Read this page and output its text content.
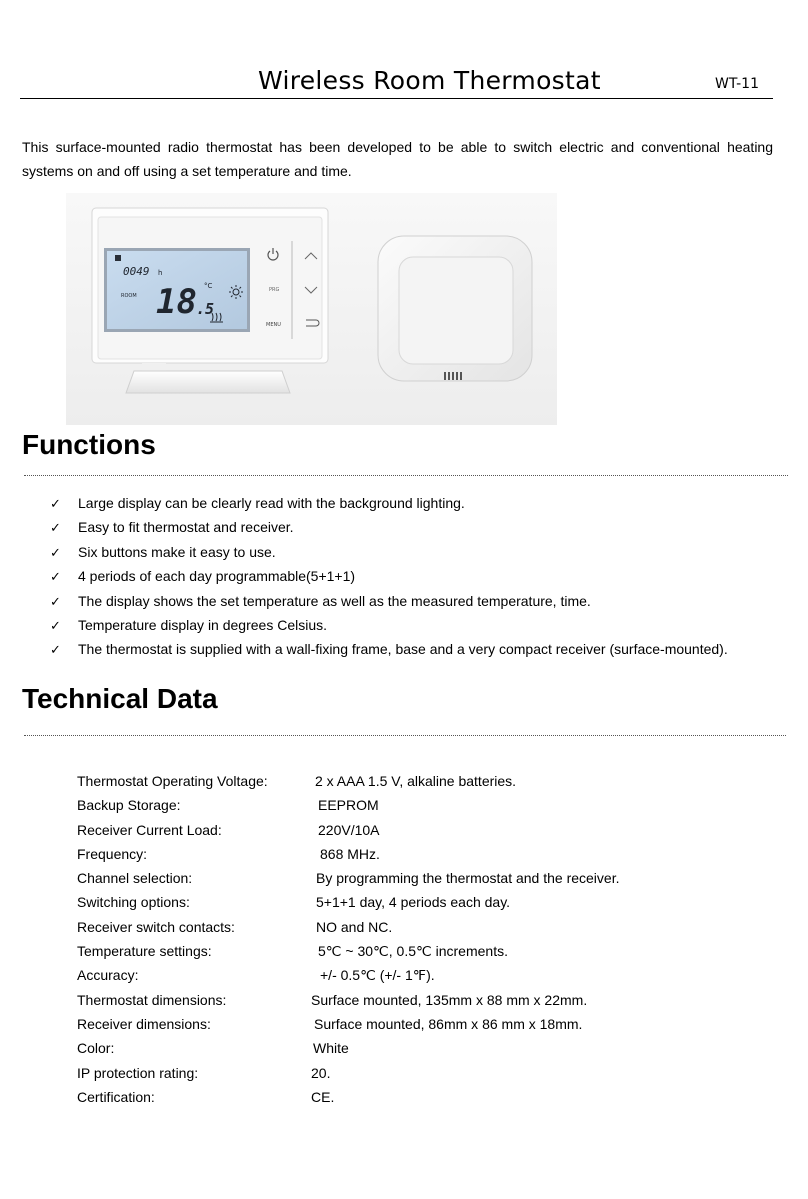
Wireless Room Thermostat	WT-11

This surface-mounted radio thermostat has been developed to be able to switch electric and conventional heating systems on and off using a set temperature and time.

0049 h
ROOM 18 .5
°C	PRG
MENU
Functions
✓ Large display can be clearly read with the background lighting.
✓ Easy to fit thermostat and receiver.
✓ Six buttons make it easy to use.
✓ 4 periods of each day programmable(5+1+1)
✓ The display shows the set temperature as well as the measured temperature, time.
✓ Temperature display in degrees Celsius.
✓ The thermostat is supplied with a wall-fixing frame, base and a very compact receiver (surface-mounted).
Technical Data
Thermostat Operating Voltage:	2 x AAA 1.5 V, alkaline batteries.
Backup Storage:	EEPROM
Receiver Current Load:	220V/10A
Frequency:	868 MHz.
Channel selection:	By programming the thermostat and the receiver.
Switching options:	5+1+1 day, 4 periods each day.
Receiver switch contacts:	NO and NC.
Temperature settings:	5℃ ~ 30℃, 0.5℃ increments.
Accuracy:	+/- 0.5℃ (+/- 1℉).
Thermostat dimensions:	Surface mounted, 135mm x 88 mm x 22mm.
Receiver dimensions:	Surface mounted, 86mm x 86 mm x 18mm.
Color:	White
IP protection rating:	20.
Certification:	CE.
